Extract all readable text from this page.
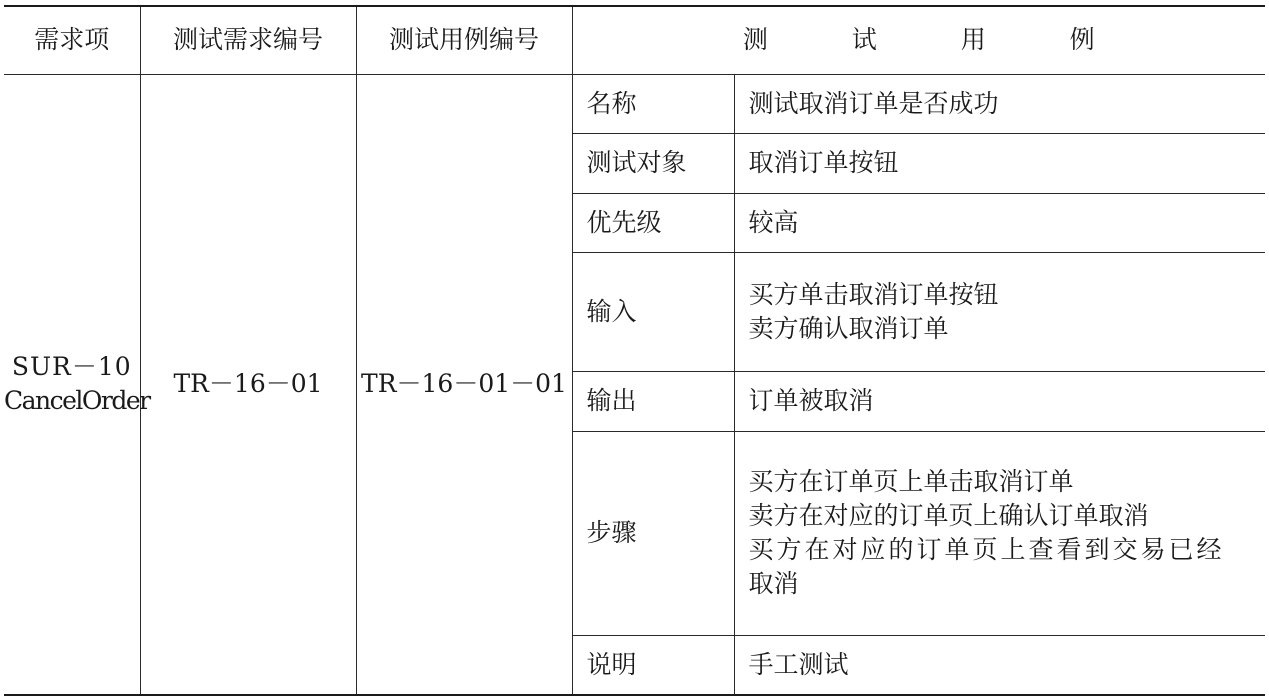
需求项	测试需求编号	测试用例编号	测 试 用 例	

SUR－10
CancelOrder	TR－16－01	TR－16－01－01	名称	测试取消订单是否成功

			测试对象	取消订单按钮

			优先级	较高

			输入	买方单击取消订单按钮
卖方确认取消订单

			输出	订单被取消

			步骤	买方在订单页上单击取消订单
卖方在对应的订单页上确认订单取消
买方在对应的订单页上查看到交易已经
取消

			说明	手工测试
